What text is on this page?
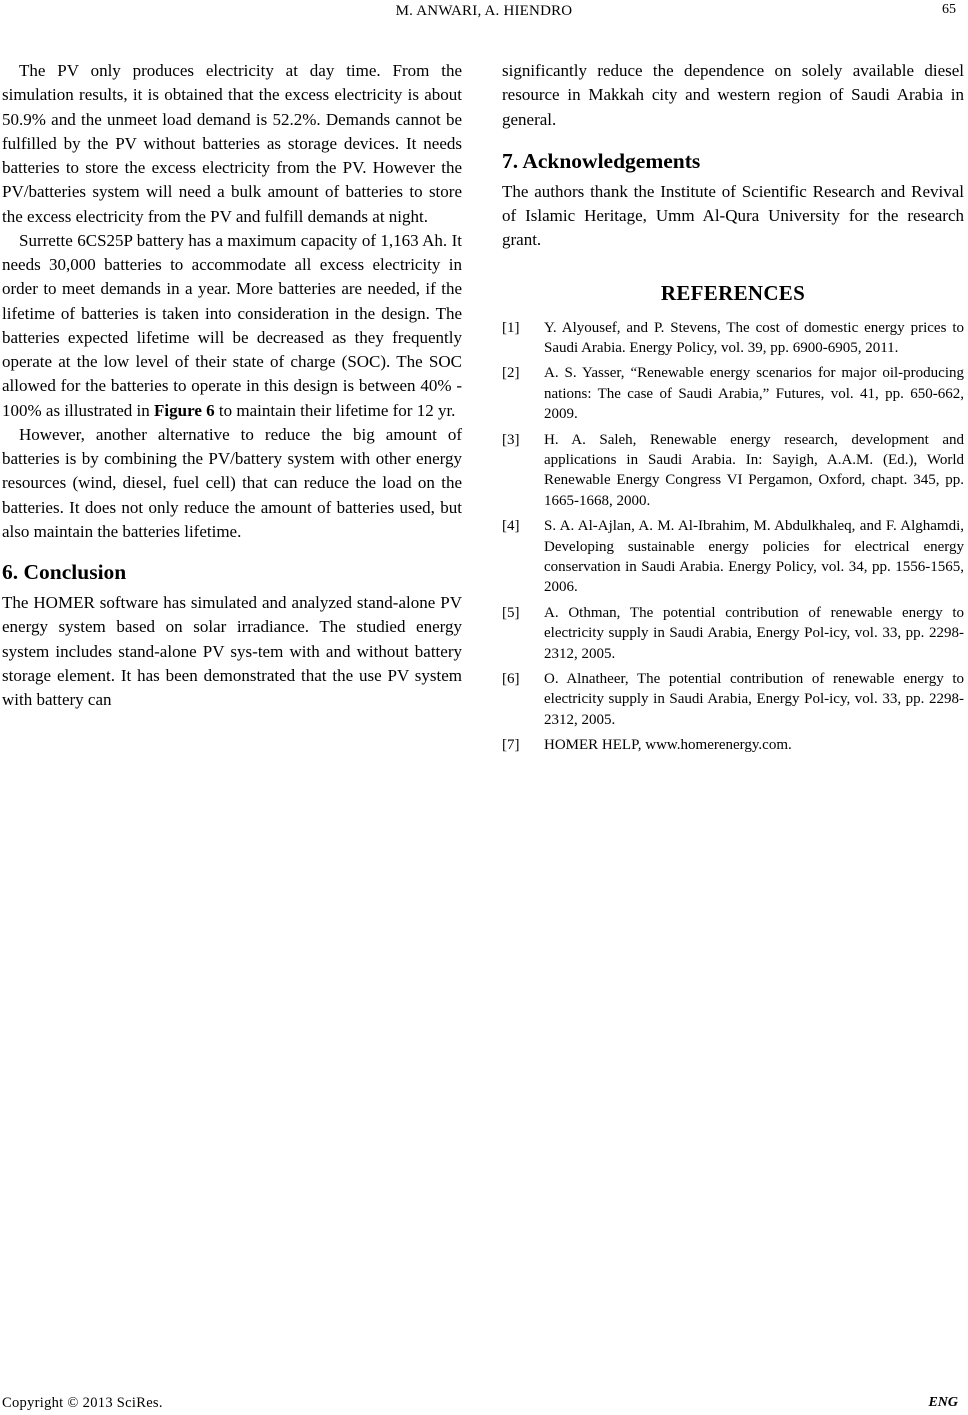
M. ANWARI, A. HIENDRO	65

The PV only produces electricity at day time. From the simulation results, it is obtained that the excess electricity is about 50.9% and the unmeet load demand is 52.2%. Demands cannot be fulfilled by the PV without batteries as storage devices. It needs batteries to store the excess electricity from the PV. However the PV/batteries system will need a bulk amount of batteries to store the excess electricity from the PV and fulfill demands at night.

Surrette 6CS25P battery has a maximum capacity of 1,163 Ah. It needs 30,000 batteries to accommodate all excess electricity in order to meet demands in a year. More batteries are needed, if the lifetime of batteries is taken into consideration in the design. The batteries expected lifetime will be decreased as they frequently operate at the low level of their state of charge (SOC). The SOC allowed for the batteries to operate in this design is between 40% - 100% as illustrated in Figure 6 to maintain their lifetime for 12 yr.

However, another alternative to reduce the big amount of batteries is by combining the PV/battery system with other energy resources (wind, diesel, fuel cell) that can reduce the load on the batteries. It does not only reduce the amount of batteries used, but also maintain the batteries lifetime.

6. Conclusion

The HOMER software has simulated and analyzed stand-alone PV energy system based on solar irradiance. The studied energy system includes stand-alone PV sys-tem with and without battery storage element. It has been demonstrated that the use PV system with battery can

significantly reduce the dependence on solely available diesel resource in Makkah city and western region of Saudi Arabia in general.

7. Acknowledgements

The authors thank the Institute of Scientific Research and Revival of Islamic Heritage, Umm Al-Qura University for the research grant.

REFERENCES
[1] Y. Alyousef, and P. Stevens, The cost of domestic energy prices to Saudi Arabia. Energy Policy, vol. 39, pp. 6900-6905, 2011.
[2] A. S. Yasser, “Renewable energy scenarios for major oil-producing nations: The case of Saudi Arabia,” Futures, vol. 41, pp. 650-662, 2009.
[3] H. A. Saleh, Renewable energy research, development and applications in Saudi Arabia. In: Sayigh, A.A.M. (Ed.), World Renewable Energy Congress VI Pergamon, Oxford, chapt. 345, pp. 1665-1668, 2000.
[4] S. A. Al-Ajlan, A. M. Al-Ibrahim, M. Abdulkhaleq, and F. Alghamdi, Developing sustainable energy policies for electrical energy conservation in Saudi Arabia. Energy Policy, vol. 34, pp. 1556-1565, 2006.
[5] A. Othman, The potential contribution of renewable energy to electricity supply in Saudi Arabia, Energy Pol-icy, vol. 33, pp. 2298-2312, 2005.
[6] O. Alnatheer, The potential contribution of renewable energy to electricity supply in Saudi Arabia, Energy Pol-icy, vol. 33, pp. 2298-2312, 2005.
[7] HOMER HELP, www.homerenergy.com.
Copyright © 2013 SciRes.	ENG
